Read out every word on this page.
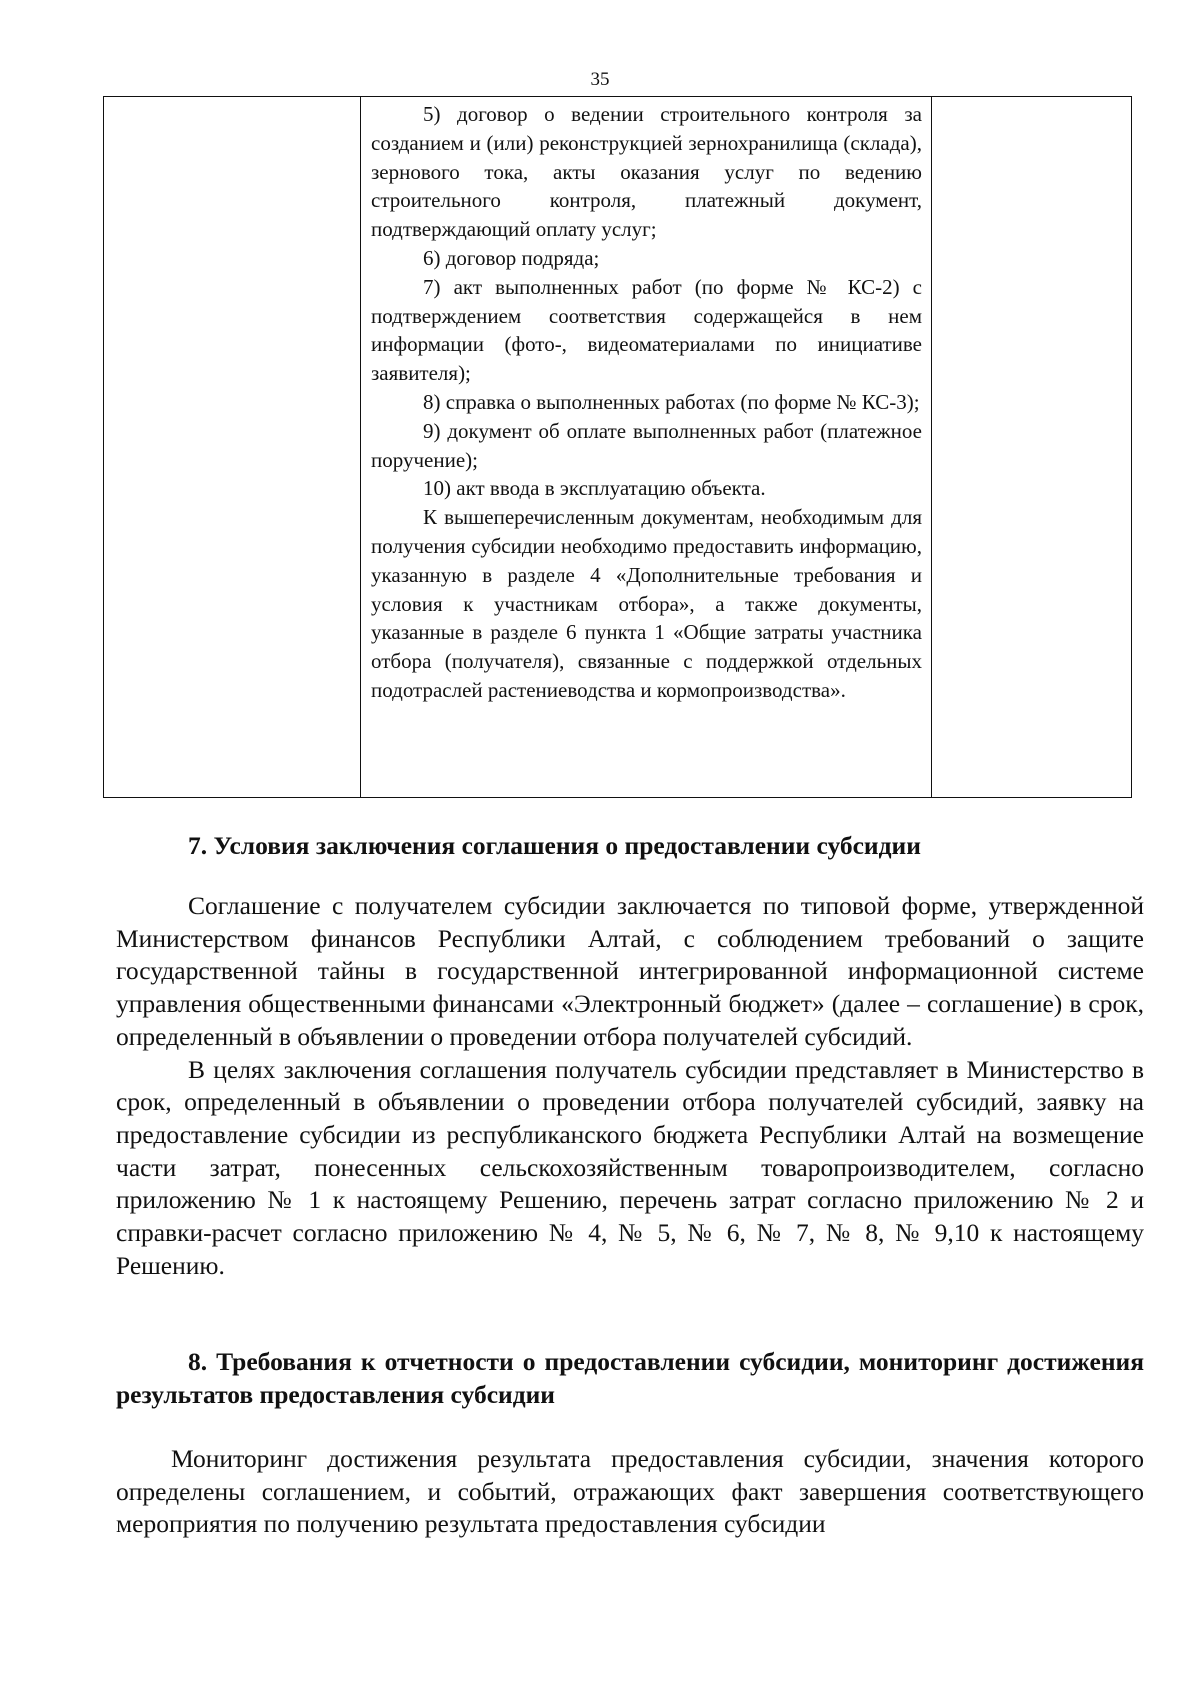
35

5) договор о ведении строительного контроля за созданием и (или) реконструкцией зернохранилища (склада), зернового тока, акты оказания услуг по ведению строительного контроля, платежный документ, подтверждающий оплату услуг;

6) договор подряда;

7) акт выполненных работ (по форме № КС-2) с подтверждением соответствия содержащейся в нем информации (фото-, видеоматериалами по инициативе заявителя);

8) справка о выполненных работах (по форме № КС-3);

9) документ об оплате выполненных работ (платежное поручение);

10) акт ввода в эксплуатацию объекта.

К вышеперечисленным документам, необходимым для получения субсидии необходимо предоставить информацию, указанную в разделе 4 «Дополнительные требования и условия к участникам отбора», а также документы, указанные в разделе 6 пункта 1 «Общие затраты участника отбора (получателя), связанные с поддержкой отдельных подотраслей растениеводства и кормопроизводства».

7. Условия заключения соглашения о предоставлении субсидии

Соглашение с получателем субсидии заключается по типовой форме, утвержденной Министерством финансов Республики Алтай, с соблюдением требований о защите государственной тайны в государственной интегрированной информационной системе управления общественными финансами «Электронный бюджет» (далее – соглашение) в срок, определенный в объявлении о проведении отбора получателей субсидий.

В целях заключения соглашения получатель субсидии представляет в Министерство в срок, определенный в объявлении о проведении отбора получателей субсидий, заявку на предоставление субсидии из республиканского бюджета Республики Алтай на возмещение части затрат, понесенных сельскохозяйственным товаропроизводителем, согласно приложению № 1 к настоящему Решению, перечень затрат согласно приложению № 2 и справки-расчет согласно приложению № 4, № 5, № 6, № 7, № 8, № 9,10 к настоящему Решению.

8. Требования к отчетности о предоставлении субсидии, мониторинг достижения результатов предоставления субсидии

Мониторинг достижения результата предоставления субсидии, значения которого определены соглашением, и событий, отражающих факт завершения соответствующего мероприятия по получению результата предоставления субсидии
